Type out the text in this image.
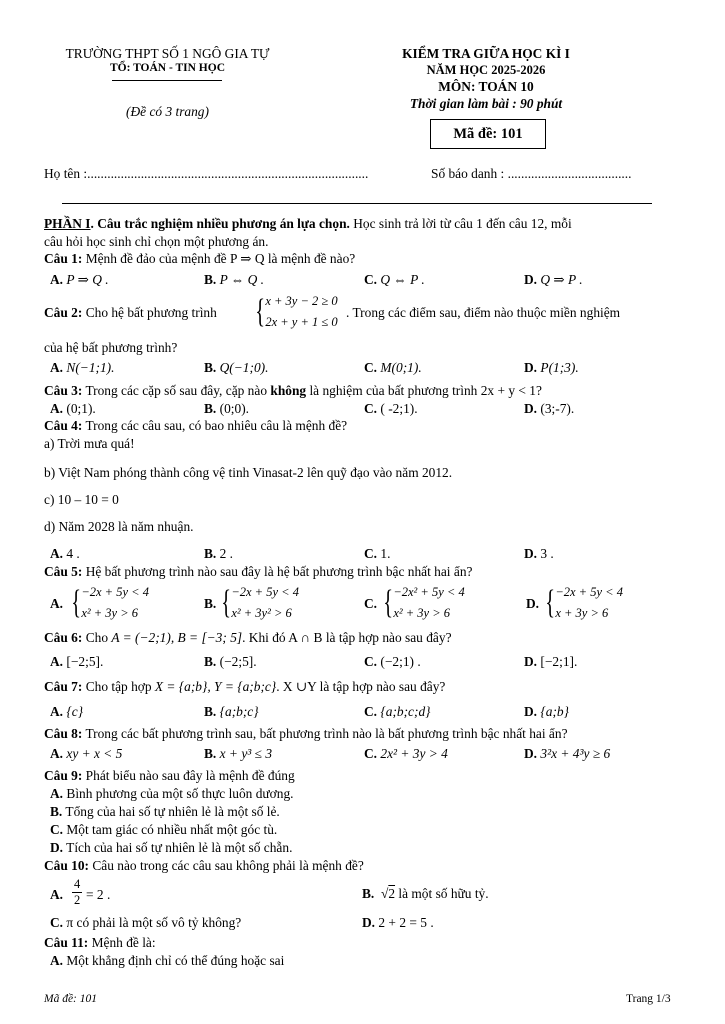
TRƯỜNG THPT SỐ 1 NGÔ GIA TỰ
TỔ: TOÁN - TIN HỌC
(Đề có 3 trang)
KIỂM TRA GIỮA HỌC KÌ I
NĂM HỌC 2025-2026
MÔN: TOÁN 10
Thời gian làm bài : 90 phút
Mã đề: 101
Họ tên :....................................................................................	Số báo danh : .....................................
PHẦN I. Câu trắc nghiệm nhiều phương án lựa chọn. Học sinh trả lời từ câu 1 đến câu 12, mỗi
câu hỏi học sinh chỉ chọn một phương án.
Câu 1: Mệnh đề đảo của mệnh đề P ⇒ Q là mệnh đề nào?
A. P ⇒ Q .	B. P ⇔ Q .	C. Q ⇔ P .	D. Q ⇒ P .
Câu 2: Cho hệ bất phương trình { x + 3y − 2 ≥ 0
2x + y + 1 ≤ 0
. Trong các điểm sau, điểm nào thuộc miền nghiệm
của hệ bất phương trình?
A. N(−1;1).	B. Q(−1;0).	C. M(0;1).	D. P(1;3).
Câu 3: Trong các cặp số sau đây, cặp nào không là nghiệm của bất phương trình 2x + y < 1?
A. (0;1).	B. (0;0).	C. ( -2;1).	D. (3;-7).
Câu 4: Trong các câu sau, có bao nhiêu câu là mệnh đề?
a) Trời mưa quá!
b) Việt Nam phóng thành công vệ tinh Vinasat-2 lên quỹ đạo vào năm 2012.
c) 10 – 10 = 0
d) Năm 2028 là năm nhuận.
A. 4 .	B. 2 .	C. 1.	D. 3 .
Câu 5: Hệ bất phương trình nào sau đây là hệ bất phương trình bậc nhất hai ẩn?
A. { −2x + 5y < 4
x² + 3y > 6
B. { −2x + 5y < 4
x² + 3y² > 6
C. { −2x² + 5y < 4
x² + 3y > 6
D. { −2x + 5y < 4
x + 3y > 6
Câu 6: Cho A = (−2;1), B = [−3; 5]. Khi đó A ∩ B là tập hợp nào sau đây?
A. [−2;5].	B. (−2;5].	C. (−2;1) .	D. [−2;1].
Câu 7: Cho tập hợp X = {a;b}, Y = {a;b;c}. X ∪Y là tập hợp nào sau đây?
A. {c}	B. {a;b;c}	C. {a;b;c;d}	D. {a;b}
Câu 8: Trong các bất phương trình sau, bất phương trình nào là bất phương trình bậc nhất hai ẩn?
A. xy + x < 5	B. x + y³ ≤ 3	C. 2x² + 3y > 4	D. 3²x + 4³y ≥ 6
Câu 9: Phát biểu nào sau đây là mệnh đề đúng
A. Bình phương của một số thực luôn dương.
B. Tổng của hai số tự nhiên lẻ là một số lẻ.
C. Một tam giác có nhiều nhất một góc tù.
D. Tích của hai số tự nhiên lẻ là một số chẵn.
Câu 10: Câu nào trong các câu sau không phải là mệnh đề?
A. $\frac{4}{2} = 2$ .	B.  √2 là một số hữu tỷ.
C. π có phải là một số vô tỷ không?	D. 2 + 2 = 5 .
Câu 11: Mệnh đề là:
A. Một khẳng định chỉ có thể đúng hoặc sai
Mã đề: 101	Trang 1/3
